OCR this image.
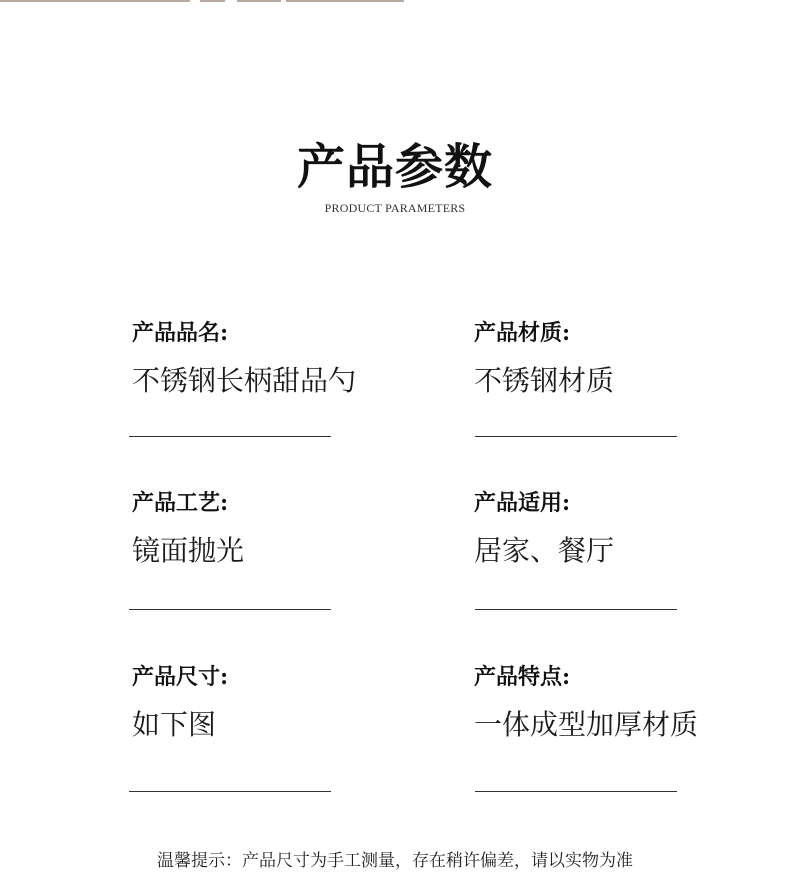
产品参数
PRODUCT PARAMETERS
产品品名:
不锈钢长柄甜品勺
产品材质:
不锈钢材质
产品工艺:
镜面抛光
产品适用:
居家、餐厅
产品尺寸:
如下图
产品特点:
一体成型加厚材质
温馨提示：产品尺寸为手工测量，存在稍许偏差，请以实物为准
